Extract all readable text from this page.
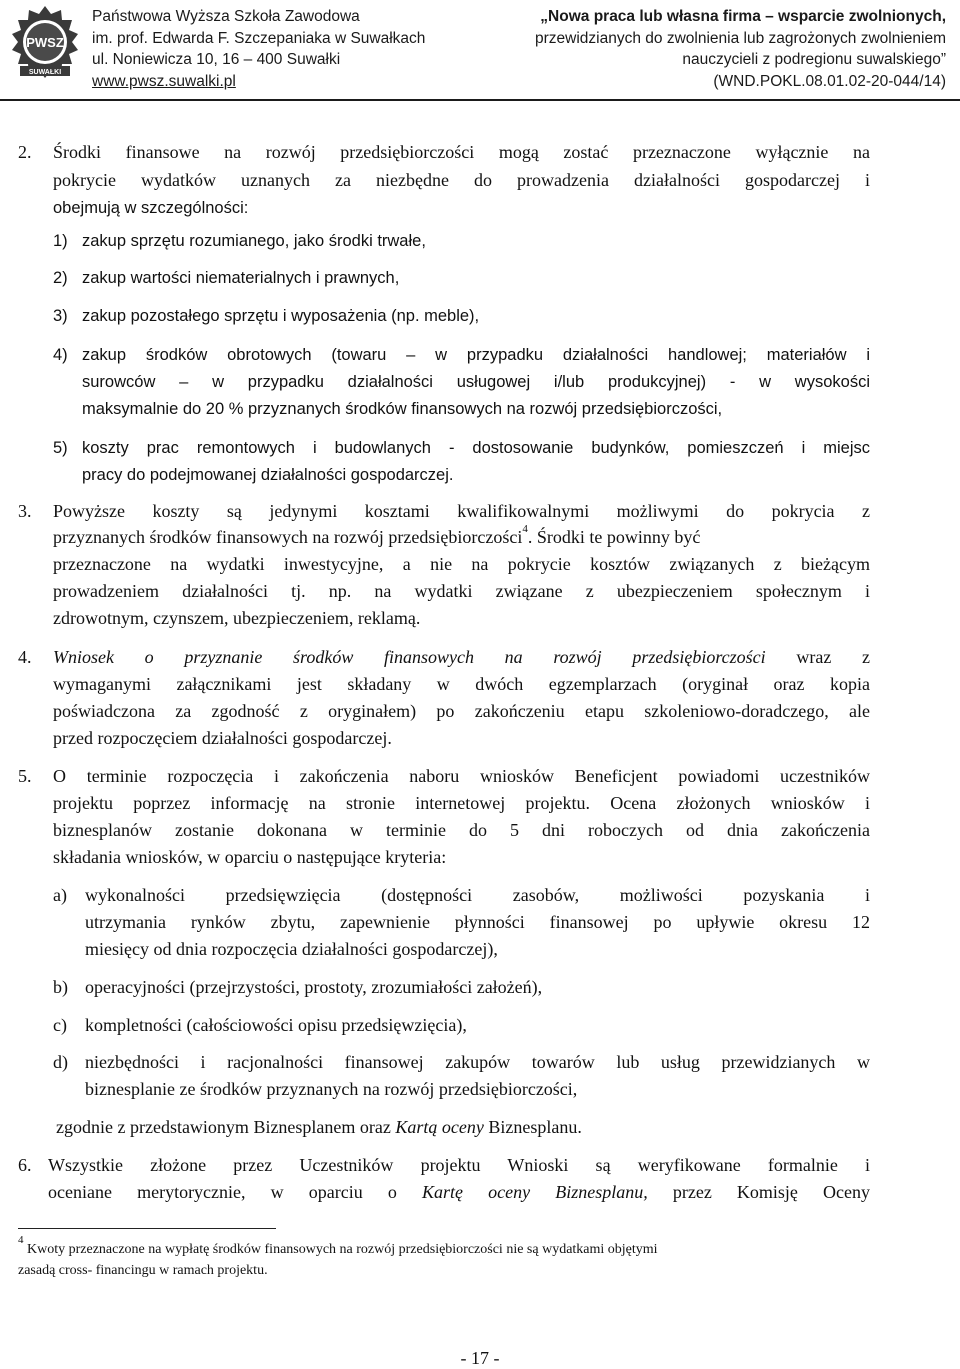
PWSZ
SUWAŁKI
Państwowa Wyższa Szkoła Zawodowa
im. prof. Edwarda F. Szczepaniaka w Suwałkach
ul. Noniewicza 10, 16 – 400 Suwałki
www.pwsz.suwalki.pl
„Nowa praca lub własna firma – wsparcie zwolnionych,
przewidzianych do zwolnienia lub zagrożonych zwolnieniem
nauczycieli z podregionu suwalskiego”
(WND.POKL.08.01.02-20-044/14)
2. Środki finansowe na rozwój przedsiębiorczości mogą zostać przeznaczone wyłącznie na
pokrycie wydatków uznanych za niezbędne do prowadzenia działalności gospodarczej i
obejmują w szczególności:
1) zakup sprzętu rozumianego, jako środki trwałe,
2) zakup wartości niematerialnych i prawnych,
3) zakup pozostałego sprzętu i wyposażenia (np. meble),
4) zakup środków obrotowych (towaru – w przypadku działalności handlowej; materiałów i
surowców – w przypadku działalności usługowej i/lub produkcyjnej) - w wysokości
maksymalnie do 20 % przyznanych środków finansowych na rozwój przedsiębiorczości,
5) koszty prac remontowych i budowlanych - dostosowanie budynków, pomieszczeń i miejsc
pracy do podejmowanej działalności gospodarczej.
3. Powyższe koszty są jedynymi kosztami kwalifikowalnymi możliwymi do pokrycia z
przyznanych środków finansowych na rozwój przedsiębiorczości$^4$. Środki te powinny być
przeznaczone na wydatki inwestycyjne, a nie na pokrycie kosztów związanych z bieżącym
prowadzeniem działalności tj. np. na wydatki związane z ubezpieczeniem społecznym i
zdrowotnym, czynszem, ubezpieczeniem, reklamą.
4. Wniosek o przyznanie środków finansowych na rozwój przedsiębiorczości wraz z
wymaganymi załącznikami jest składany w dwóch egzemplarzach (oryginał oraz kopia
poświadczona za zgodność z oryginałem) po zakończeniu etapu szkoleniowo-doradczego, ale
przed rozpoczęciem działalności gospodarczej.
5. O terminie rozpoczęcia i zakończenia naboru wniosków Beneficjent powiadomi uczestników
projektu poprzez informację na stronie internetowej projektu. Ocena złożonych wniosków i
biznesplanów zostanie dokonana w terminie do 5 dni roboczych od dnia zakończenia
składania wniosków, w oparciu o następujące kryteria:
a) wykonalności przedsięwzięcia (dostępności zasobów, możliwości pozyskania i
utrzymania rynków zbytu, zapewnienie płynności finansowej po upływie okresu 12
miesięcy od dnia rozpoczęcia działalności gospodarczej),
b) operacyjności (przejrzystości, prostoty, zrozumiałości założeń),
c) kompletności (całościowości opisu przedsięwzięcia),
d) niezbędności i racjonalności finansowej zakupów towarów lub usług przewidzianych w
biznesplanie ze środków przyznanych na rozwój przedsiębiorczości,
zgodnie z przedstawionym Biznesplanem oraz Kartą oceny Biznesplanu.
6. Wszystkie złożone przez Uczestników projektu Wnioski są weryfikowane formalnie i
oceniane merytorycznie, w oparciu o Kartę oceny Biznesplanu, przez Komisję Oceny
$^4$ Kwoty przeznaczone na wypłatę środków finansowych na rozwój przedsiębiorczości nie są wydatkami objętymi
zasadą cross- financingu w ramach projektu.
- 17 -
